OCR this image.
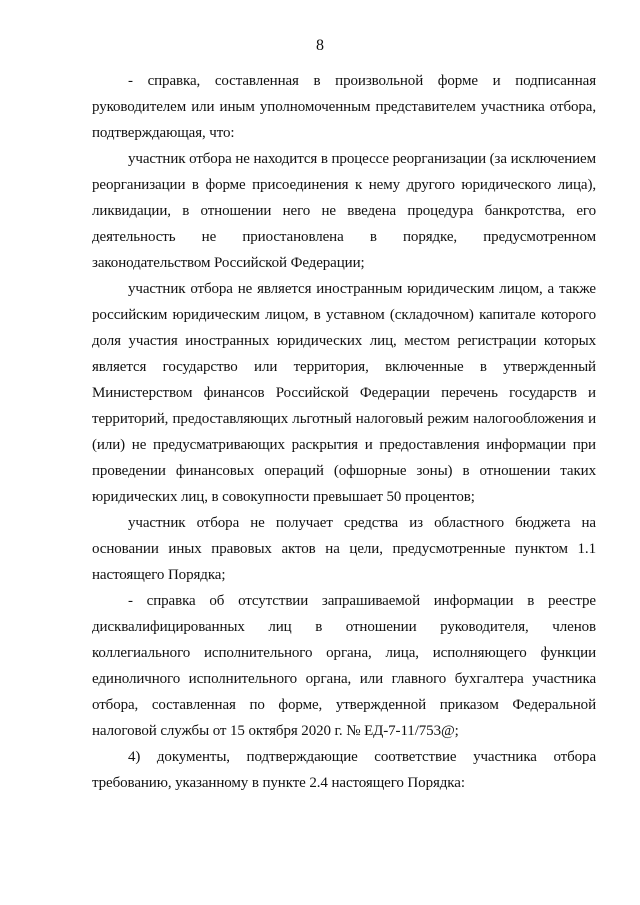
8

- справка, составленная в произвольной форме и подписанная руководителем или иным уполномоченным представителем участника отбора, подтверждающая, что:

участник отбора не находится в процессе реорганизации (за исключением реорганизации в форме присоединения к нему другого юридического лица), ликвидации, в отношении него не введена процедура банкротства, его деятельность не приостановлена в порядке, предусмотренном законодательством Российской Федерации;

участник отбора не является иностранным юридическим лицом, а также российским юридическим лицом, в уставном (складочном) капитале которого доля участия иностранных юридических лиц, местом регистрации которых является государство или территория, включенные в утвержденный Министерством финансов Российской Федерации перечень государств и территорий, предоставляющих льготный налоговый режим налогообложения и (или) не предусматривающих раскрытия и предоставления информации при проведении финансовых операций (офшорные зоны) в отношении таких юридических лиц, в совокупности превышает 50 процентов;

участник отбора не получает средства из областного бюджета на основании иных правовых актов на цели, предусмотренные пунктом 1.1 настоящего Порядка;

- справка об отсутствии запрашиваемой информации в реестре дисквалифицированных лиц в отношении руководителя, членов коллегиального исполнительного органа, лица, исполняющего функции единоличного исполнительного органа, или главного бухгалтера участника отбора, составленная по форме, утвержденной приказом Федеральной налоговой службы от 15 октября 2020 г. № ЕД-7-11/753@;

4) документы, подтверждающие соответствие участника отбора требованию, указанному в пункте 2.4 настоящего Порядка:
